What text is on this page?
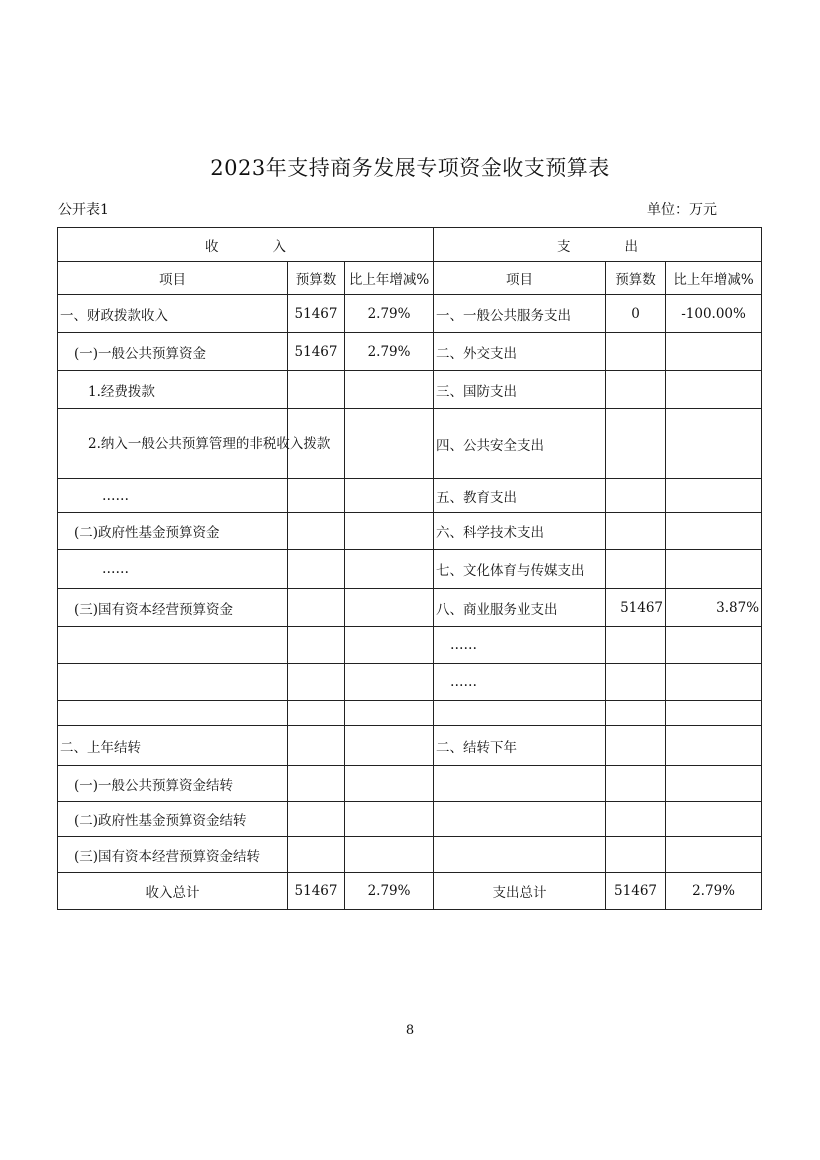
2023年支持商务发展专项资金收支预算表
公开表1	单位：万元
收　　　　入			支　　　　出		
项目	预算数	比上年增减%	项目	预算数	比上年增减%
一、财政拨款收入	51467	2.79%	一、一般公共服务支出	0	-100.00%
(一)一般公共预算资金	51467	2.79%	二、外交支出		
1.经费拨款			三、国防支出		
2.纳入一般公共预算管理的非税收入拨款			四、公共安全支出		
……			五、教育支出		
(二)政府性基金预算资金			六、科学技术支出		
……			七、文化体育与传媒支出		
(三)国有资本经营预算资金			八、商业服务业支出	51467	3.87%
			……		
			……		

二、上年结转			二、结转下年		
(一)一般公共预算资金结转					
(二)政府性基金预算资金结转					
(三)国有资本经营预算资金结转					
收入总计	51467	2.79%	支出总计	51467	2.79%
8
